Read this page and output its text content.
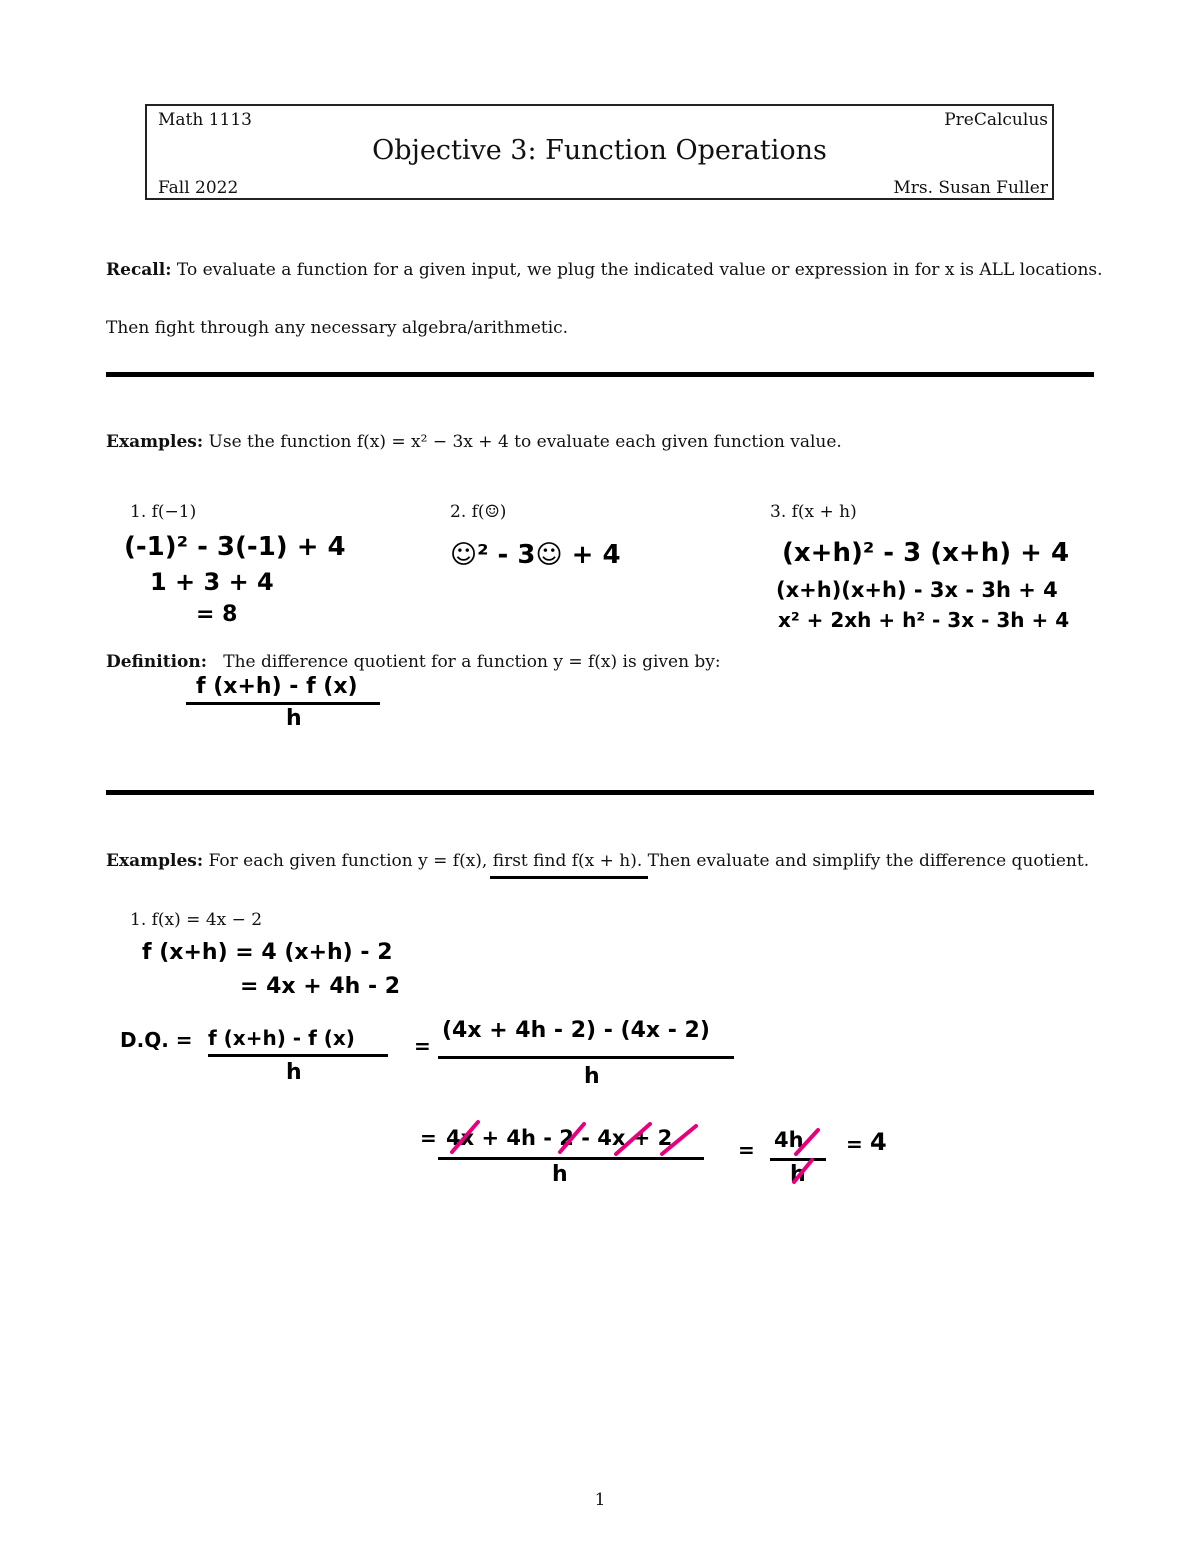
Math 1113	PreCalculus
Objective 3: Function Operations
Fall 2022	Mrs. Susan Fuller
Recall: To evaluate a function for a given input, we plug the indicated value or expression in for x is ALL locations.
Then fight through any necessary algebra/arithmetic.
Examples: Use the function f(x) = x² − 3x + 4 to evaluate each given function value.
1. f(−1)	2. f(☺)	3. f(x + h)
(-1)² - 3(-1) + 4
1 + 3 + 4
= 8
☺² - 3☺ + 4	(x+h)² - 3 (x+h) + 4
(x+h)(x+h) - 3x - 3h + 4
x² + 2xh + h² - 3x - 3h + 4
Definition: The difference quotient for a function y = f(x) is given by:
f (x+h) - f (x)
h
Examples: For each given function y = f(x), first find f(x + h). Then evaluate and simplify the difference quotient.
1. f(x) = 4x − 2
f (x+h) = 4 (x+h) - 2
= 4x + 4h - 2
D.Q. = f (x+h) - f (x)
h
=
(4x + 4h - 2) - (4x - 2)
h
= 4x + 4h - 2 - 4x + 2
h
= 4h
h
= 4
1
